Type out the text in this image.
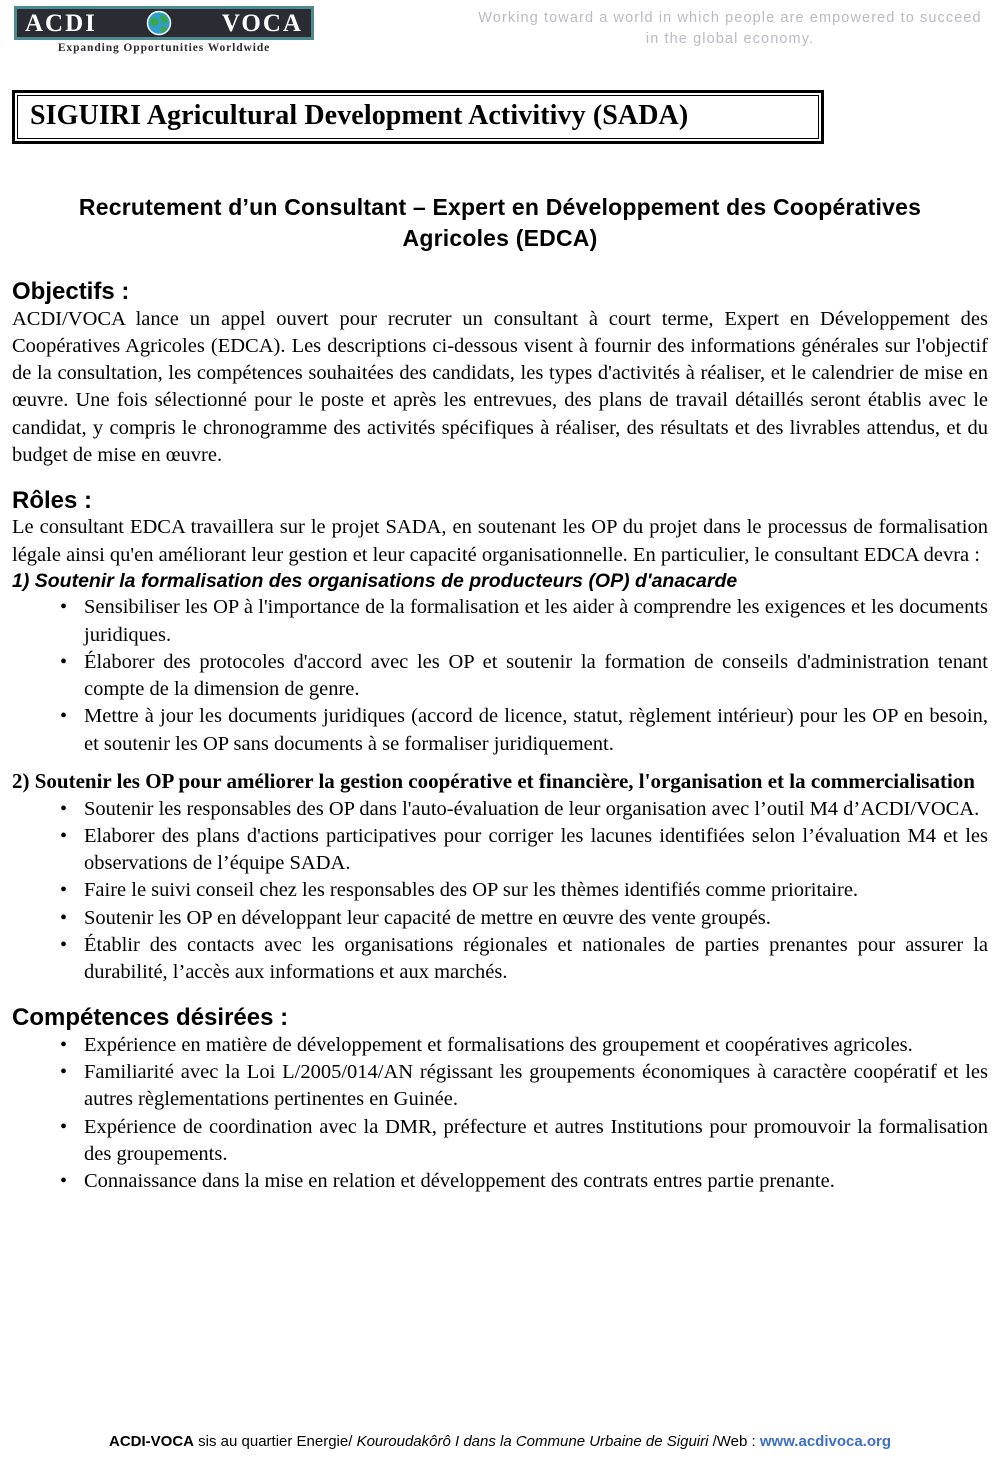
ACDI	VOCA
Expanding Opportunities Worldwide
Working toward a world in which people are empowered to succeed in the global economy.
SIGUIRI Agricultural Development Activitivy (SADA)
Recrutement d’un Consultant – Expert en Développement des Coopératives Agricoles (EDCA)
Objectifs :

ACDI/VOCA lance un appel ouvert pour recruter un consultant à court terme, Expert en Développement des Coopératives Agricoles (EDCA). Les descriptions ci-dessous visent à fournir des informations générales sur l'objectif de la consultation, les compétences souhaitées des candidats, les types d'activités à réaliser, et le calendrier de mise en œuvre. Une fois sélectionné pour le poste et après les entrevues, des plans de travail détaillés seront établis avec le candidat, y compris le chronogramme des activités spécifiques à réaliser, des résultats et des livrables attendus, et du budget de mise en œuvre.

Rôles :

Le consultant EDCA travaillera sur le projet SADA, en soutenant les OP du projet dans le processus de formalisation légale ainsi qu'en améliorant leur gestion et leur capacité organisationnelle. En particulier, le consultant EDCA devra :

1) Soutenir la formalisation des organisations de producteurs (OP) d'anacarde
• Sensibiliser les OP à l'importance de la formalisation et les aider à comprendre les exigences et les documents juridiques.
• Élaborer des protocoles d'accord avec les OP et soutenir la formation de conseils d'administration tenant compte de la dimension de genre.
• Mettre à jour les documents juridiques (accord de licence, statut, règlement intérieur) pour les OP en besoin, et soutenir les OP sans documents à se formaliser juridiquement.
2) Soutenir les OP pour améliorer la gestion coopérative et financière, l'organisation et la commercialisation
• Soutenir les responsables des OP dans l'auto-évaluation de leur organisation avec l’outil M4 d’ACDI/VOCA.
• Elaborer des plans d'actions participatives pour corriger les lacunes identifiées selon l’évaluation M4 et les observations de l’équipe SADA.
• Faire le suivi conseil chez les responsables des OP sur les thèmes identifiés comme prioritaire.
• Soutenir les OP en développant leur capacité de mettre en œuvre des vente groupés.
• Établir des contacts avec les organisations régionales et nationales de parties prenantes pour assurer la durabilité, l’accès aux informations et aux marchés.
Compétences désirées :
• Expérience en matière de développement et formalisations des groupement et coopératives agricoles.
• Familiarité avec la Loi L/2005/014/AN régissant les groupements économiques à caractère coopératif et les autres règlementations pertinentes en Guinée.
• Expérience de coordination avec la DMR, préfecture et autres Institutions pour promouvoir la formalisation des groupements.
• Connaissance dans la mise en relation et développement des contrats entres partie prenante.
ACDI-VOCA sis au quartier Energie/ Kouroudakôrô I dans la Commune Urbaine de Siguiri /Web : www.acdivoca.org
